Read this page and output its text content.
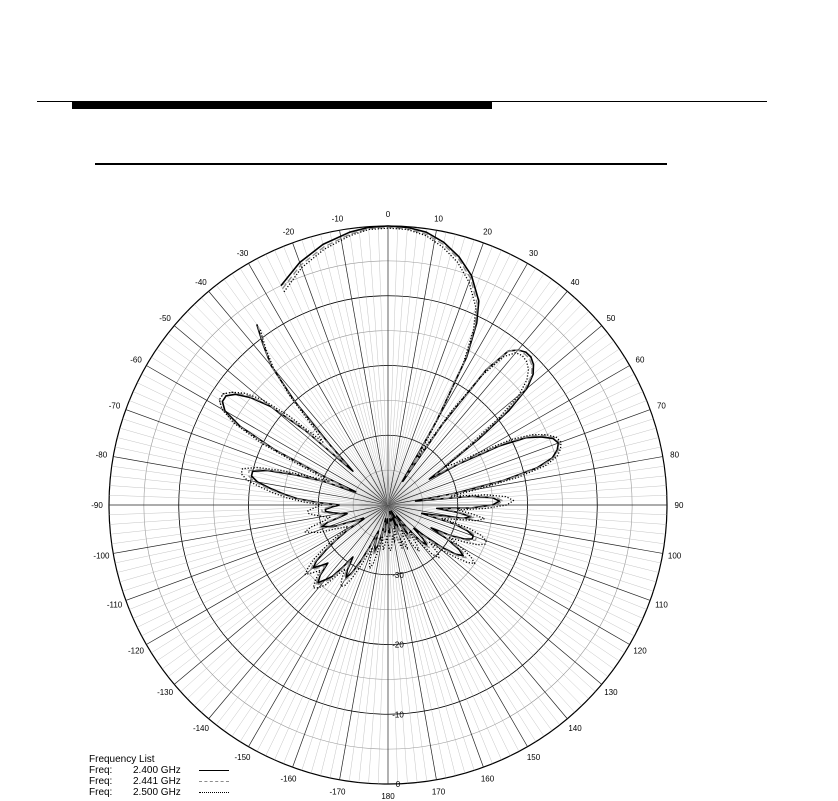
0	10
20
30
40
50
60
70
80
90
100
110
120
130
140
150
160
170
180
-170
-160
-150
-140
-130
-120
-110
-100
-90
-80
-70
-60
-50
-40
-30
-20
-10
-30
-20
-10
0
Frequency List
Freq:	2.400 GHz
Freq:	2.441 GHz
Freq:	2.500 GHz
